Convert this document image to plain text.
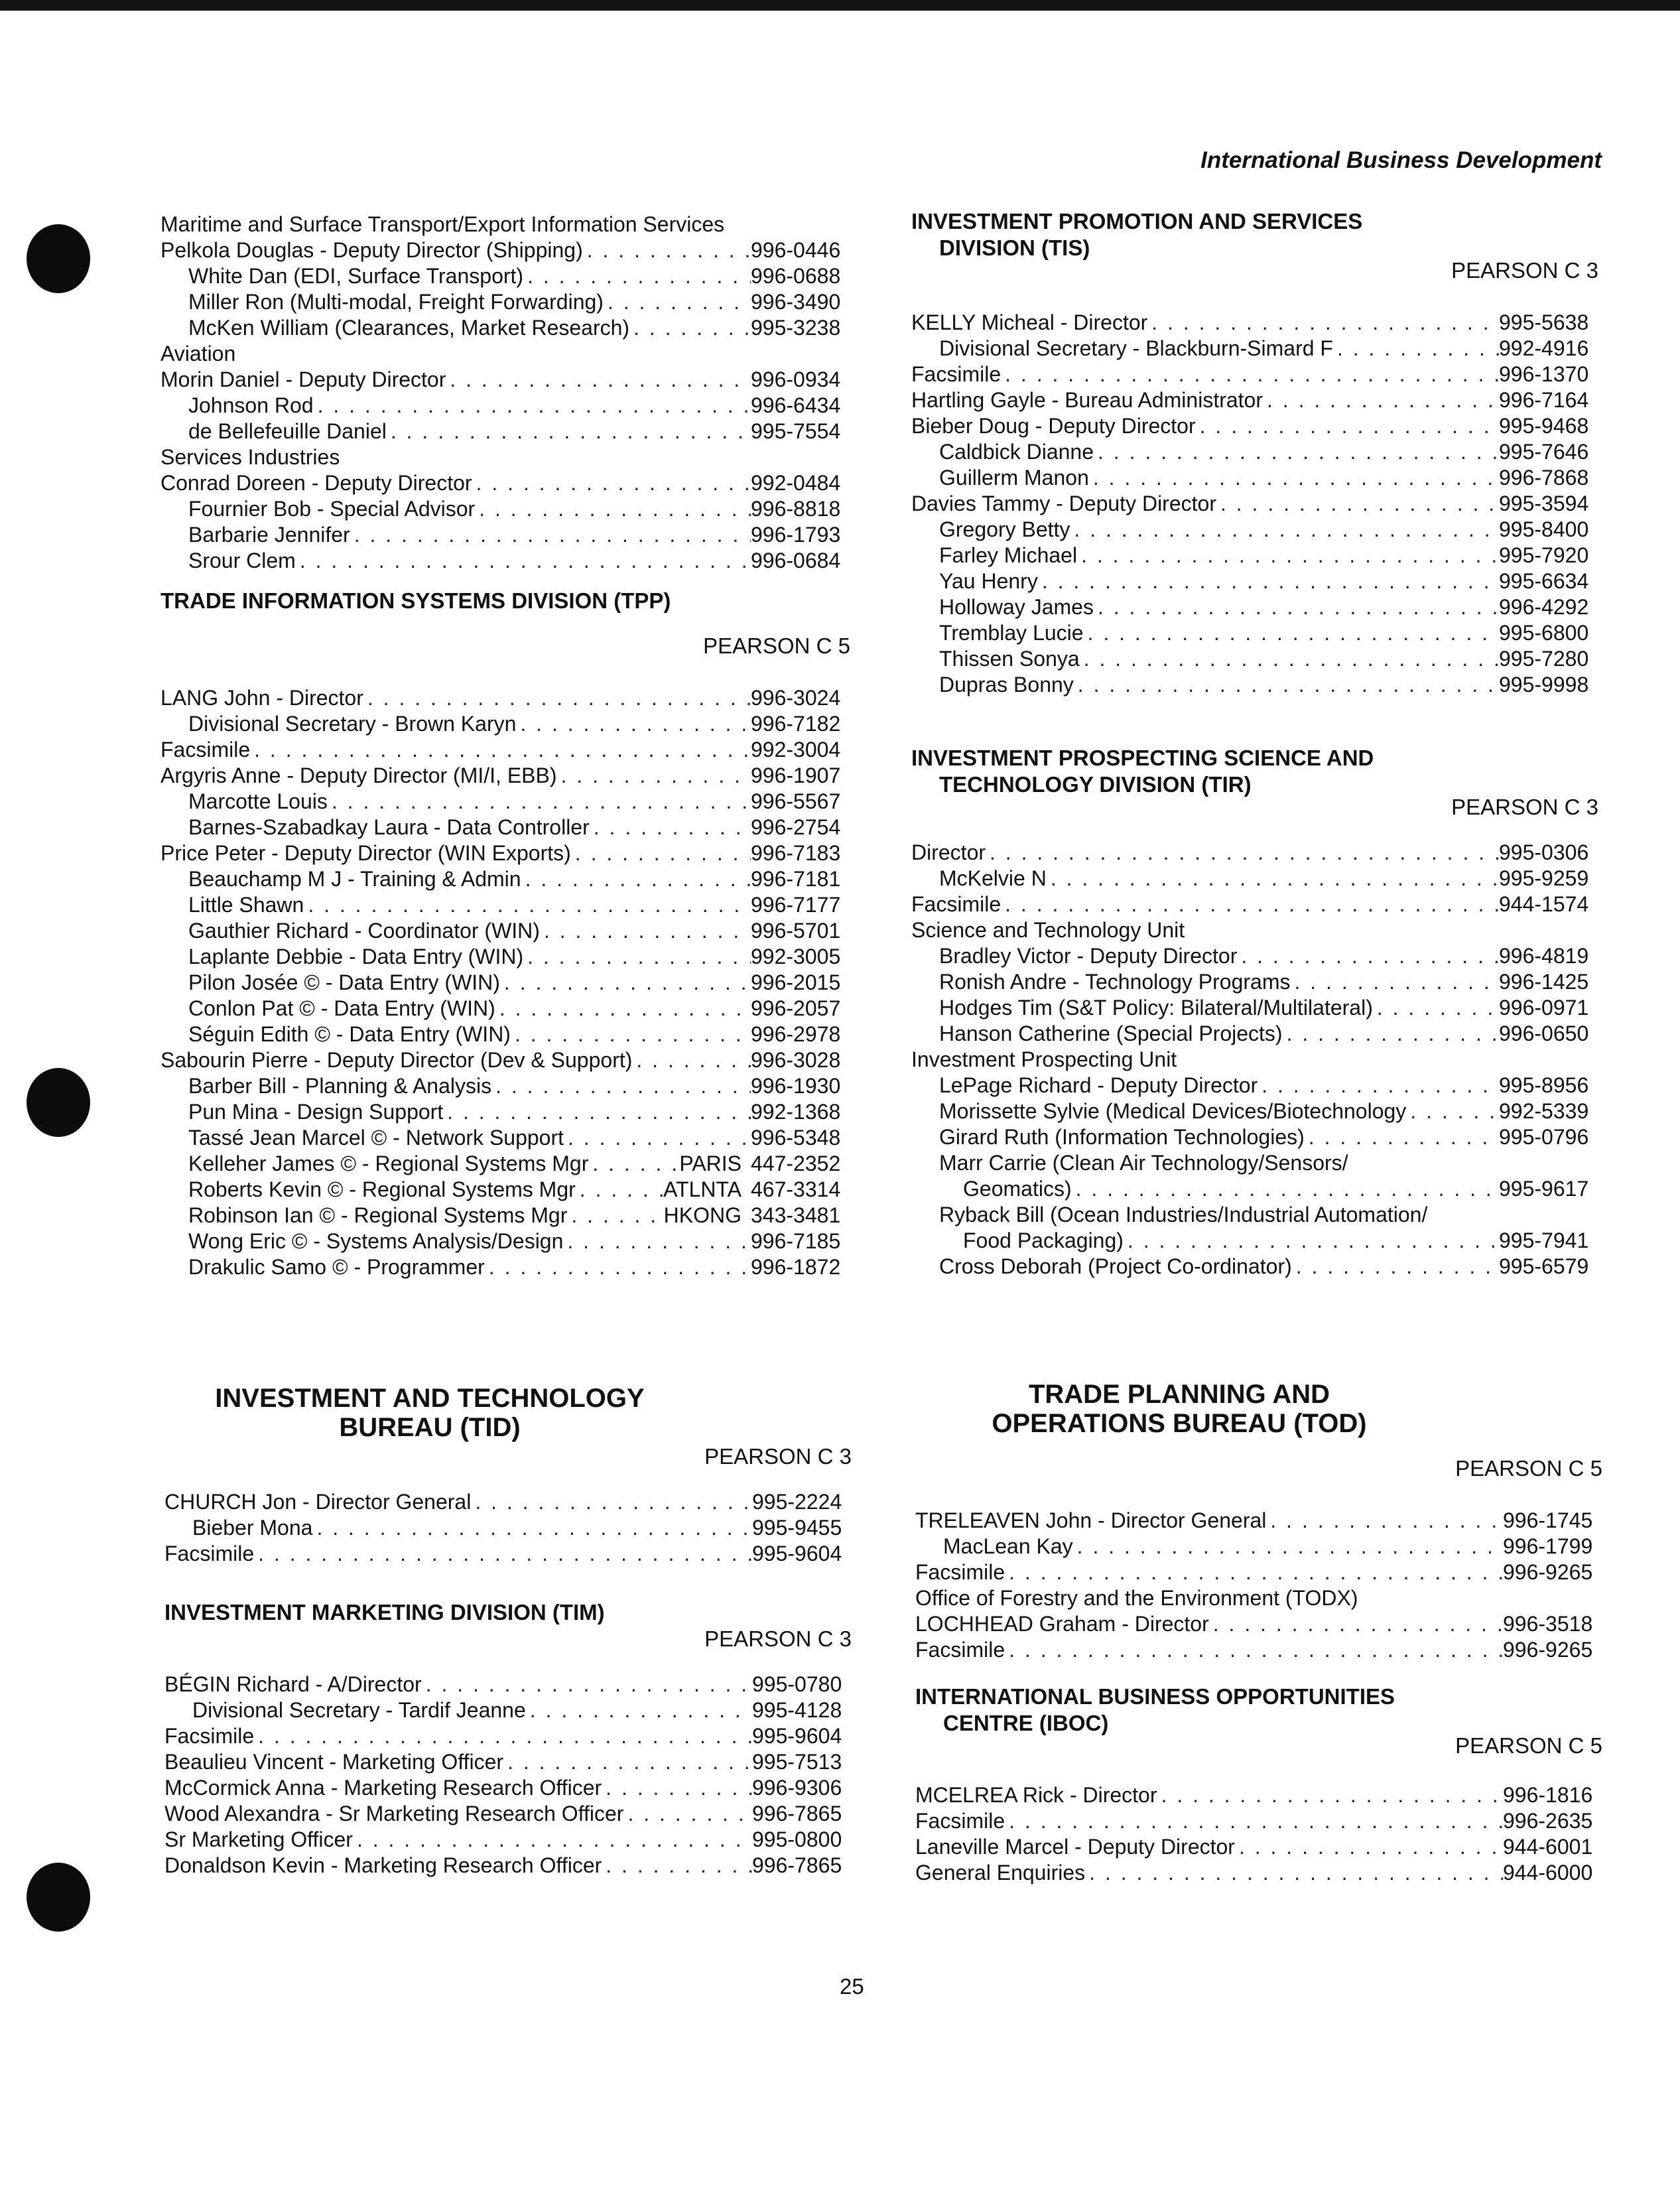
International Business Development
Maritime and Surface Transport/Export Information Services
Pelkola Douglas - Deputy Director (Shipping) . . .	996-0446
White Dan (EDI, Surface Transport) . . .	996-0688
Miller Ron (Multi-modal, Freight Forwarding) . . .	996-3490
McKen William (Clearances, Market Research) . . .	995-3238
Aviation
Morin Daniel - Deputy Director . . .	996-0934
Johnson Rod . . .	996-6434
de Bellefeuille Daniel . . .	995-7554
Services Industries
Conrad Doreen - Deputy Director . . .	992-0484
Fournier Bob - Special Advisor . . .	996-8818
Barbarie Jennifer . . .	996-1793
Srour Clem . . .	996-0684
TRADE INFORMATION SYSTEMS DIVISION (TPP)
PEARSON C 5
LANG John - Director . . .	996-3024
Divisional Secretary - Brown Karyn . . .	996-7182
Facsimile . . .	992-3004
Argyris Anne - Deputy Director (MI/I, EBB) . . .	996-1907
Marcotte Louis . . .	996-5567
Barnes-Szabadkay Laura - Data Controller . . .	996-2754
Price Peter - Deputy Director (WIN Exports) . . .	996-7183
Beauchamp M J - Training & Admin . . .	996-7181
Little Shawn . . .	996-7177
Gauthier Richard - Coordinator (WIN) . . .	996-5701
Laplante Debbie - Data Entry (WIN) . . .	992-3005
Pilon Josée © - Data Entry (WIN) . . .	996-2015
Conlon Pat © - Data Entry (WIN) . . .	996-2057
Séguin Edith © - Data Entry (WIN) . . .	996-2978
Sabourin Pierre - Deputy Director (Dev & Support) . . .	996-3028
Barber Bill - Planning & Analysis . . .	996-1930
Pun Mina - Design Support . . .	992-1368
Tassé Jean Marcel © - Network Support . . .	996-5348
Kelleher James © - Regional Systems Mgr . . .	PARIS 447-2352
Roberts Kevin © - Regional Systems Mgr . . .	ATLNTA 467-3314
Robinson Ian © - Regional Systems Mgr . . .	HKONG 343-3481
Wong Eric © - Systems Analysis/Design . . .	996-7185
Drakulic Samo © - Programmer . . .	996-1872
INVESTMENT AND TECHNOLOGY
BUREAU (TID)
PEARSON C 3
CHURCH Jon - Director General . . .	995-2224
Bieber Mona . . .	995-9455
Facsimile . . .	995-9604
INVESTMENT MARKETING DIVISION (TIM)
PEARSON C 3
BÉGIN Richard - A/Director . . .	995-0780
Divisional Secretary - Tardif Jeanne . . .	995-4128
Facsimile . . .	995-9604
Beaulieu Vincent - Marketing Officer . . .	995-7513
McCormick Anna - Marketing Research Officer . . .	996-9306
Wood Alexandra - Sr Marketing Research Officer . . .	996-7865
Sr Marketing Officer . . .	995-0800
Donaldson Kevin - Marketing Research Officer . . .	996-7865
INVESTMENT PROMOTION AND SERVICES
DIVISION (TIS)
PEARSON C 3
KELLY Micheal - Director . . .	995-5638
Divisional Secretary - Blackburn-Simard F . . .	992-4916
Facsimile . . .	996-1370
Hartling Gayle - Bureau Administrator . . .	996-7164
Bieber Doug - Deputy Director . . .	995-9468
Caldbick Dianne . . .	995-7646
Guillerm Manon . . .	996-7868
Davies Tammy - Deputy Director . . .	995-3594
Gregory Betty . . .	995-8400
Farley Michael . . .	995-7920
Yau Henry . . .	995-6634
Holloway James . . .	996-4292
Tremblay Lucie . . .	995-6800
Thissen Sonya . . .	995-7280
Dupras Bonny . . .	995-9998
INVESTMENT PROSPECTING SCIENCE AND
TECHNOLOGY DIVISION (TIR)
PEARSON C 3
Director . . .	995-0306
McKelvie N . . .	995-9259
Facsimile . . .	944-1574
Science and Technology Unit
Bradley Victor - Deputy Director . . .	996-4819
Ronish Andre - Technology Programs . . .	996-1425
Hodges Tim (S&T Policy: Bilateral/Multilateral) . . .	996-0971
Hanson Catherine (Special Projects) . . .	996-0650
Investment Prospecting Unit
LePage Richard - Deputy Director . . .	995-8956
Morissette Sylvie (Medical Devices/Biotechnology . . .	992-5339
Girard Ruth (Information Technologies) . . .	995-0796
Marr Carrie (Clean Air Technology/Sensors/
Geomatics) . . .	995-9617
Ryback Bill (Ocean Industries/Industrial Automation/
Food Packaging) . . .	995-7941
Cross Deborah (Project Co-ordinator) . . .	995-6579
TRADE PLANNING AND
OPERATIONS BUREAU (TOD)
PEARSON C 5
TRELEAVEN John - Director General . . .	996-1745
MacLean Kay . . .	996-1799
Facsimile . . .	996-9265
Office of Forestry and the Environment (TODX)
LOCHHEAD Graham - Director . . .	996-3518
Facsimile . . .	996-9265
INTERNATIONAL BUSINESS OPPORTUNITIES
CENTRE (IBOC)
PEARSON C 5
MCELREA Rick - Director . . .	996-1816
Facsimile . . .	996-2635
Laneville Marcel - Deputy Director . . .	944-6001
General Enquiries . . .	944-6000
25
